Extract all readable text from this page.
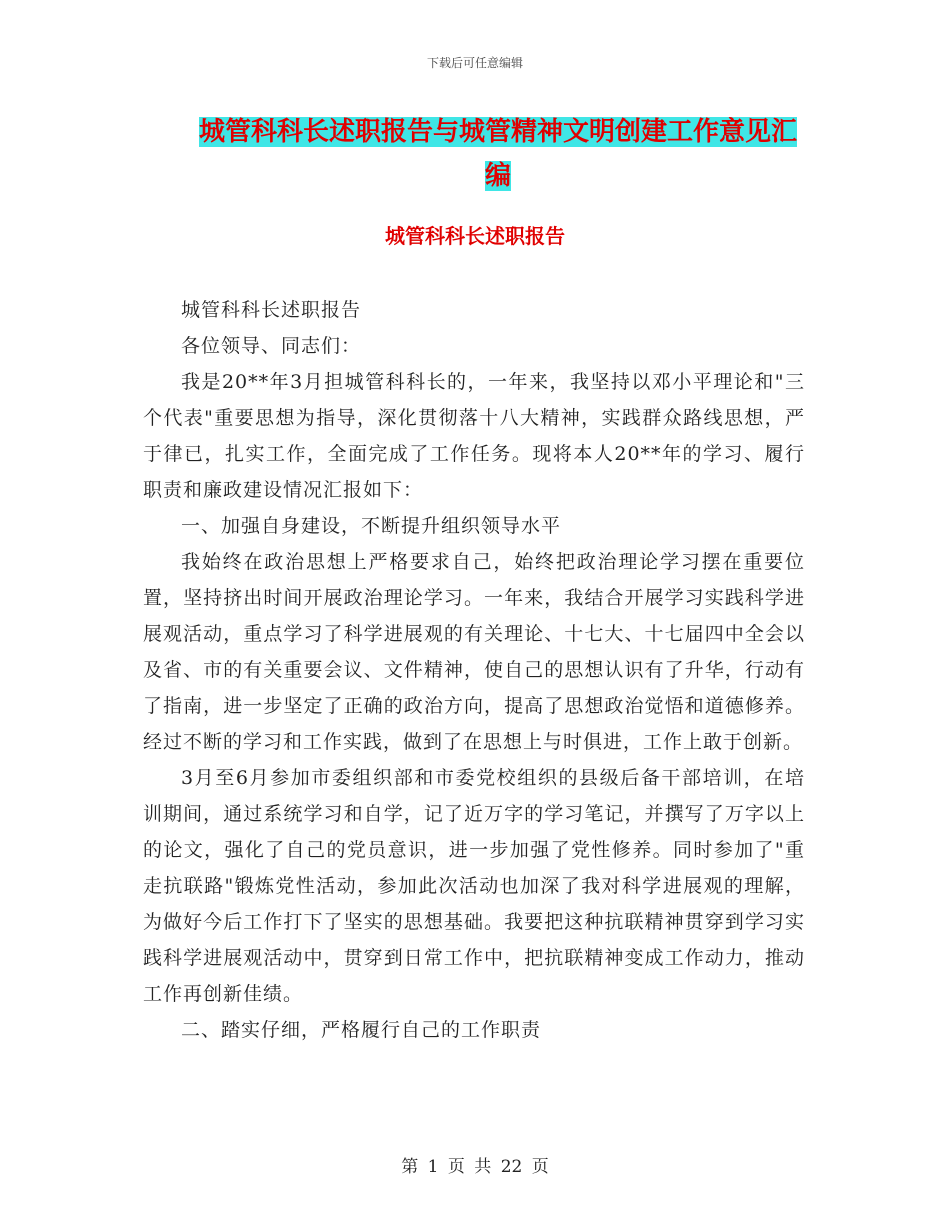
下载后可任意编辑
城管科科长述职报告与城管精神文明创建工作意见汇编
城管科科长述职报告

城管科科长述职报告

各位领导、同志们：

我是20**年3月担城管科科长的，一年来，我坚持以邓小平理论和"三个代表"重要思想为指导，深化贯彻落十八大精神，实践群众路线思想，严于律已，扎实工作，全面完成了工作任务。现将本人20**年的学习、履行职责和廉政建设情况汇报如下：

一、加强自身建设，不断提升组织领导水平

我始终在政治思想上严格要求自己，始终把政治理论学习摆在重要位置，坚持挤出时间开展政治理论学习。一年来，我结合开展学习实践科学进展观活动，重点学习了科学进展观的有关理论、十七大、十七届四中全会以及省、市的有关重要会议、文件精神，使自己的思想认识有了升华，行动有了指南，进一步坚定了正确的政治方向，提高了思想政治觉悟和道德修养。经过不断的学习和工作实践，做到了在思想上与时俱进，工作上敢于创新。

3月至6月参加市委组织部和市委党校组织的县级后备干部培训，在培训期间，通过系统学习和自学，记了近万字的学习笔记，并撰写了万字以上的论文，强化了自己的党员意识，进一步加强了党性修养。同时参加了"重走抗联路"锻炼党性活动，参加此次活动也加深了我对科学进展观的理解，为做好今后工作打下了坚实的思想基础。我要把这种抗联精神贯穿到学习实践科学进展观活动中，贯穿到日常工作中，把抗联精神变成工作动力，推动工作再创新佳绩。

二、踏实仔细，严格履行自己的工作职责

第 1 页 共 22 页
